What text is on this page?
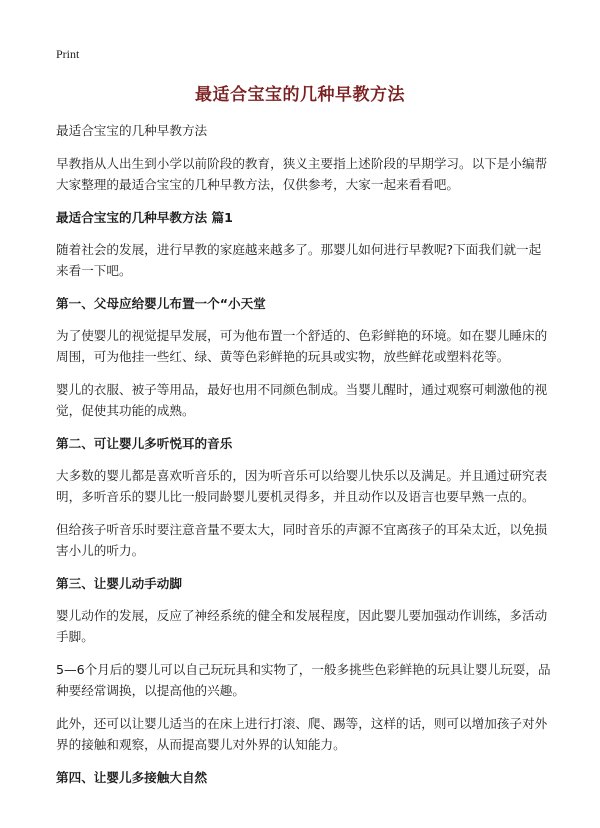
Print
最适合宝宝的几种早教方法

最适合宝宝的几种早教方法

早教指从人出生到小学以前阶段的教育，狭义主要指上述阶段的早期学习。以下是小编帮大家整理的最适合宝宝的几种早教方法，仅供参考，大家一起来看看吧。

最适合宝宝的几种早教方法 篇1

随着社会的发展，进行早教的家庭越来越多了。那婴儿如何进行早教呢?下面我们就一起来看一下吧。

第一、父母应给婴儿布置一个“小天堂

为了使婴儿的视觉提早发展，可为他布置一个舒适的、色彩鲜艳的环境。如在婴儿睡床的周围，可为他挂一些红、绿、黄等色彩鲜艳的玩具或实物，放些鲜花或塑料花等。

婴儿的衣服、被子等用品，最好也用不同颜色制成。当婴儿醒时，通过观察可刺激他的视觉，促使其功能的成熟。

第二、可让婴儿多听悦耳的音乐

大多数的婴儿都是喜欢听音乐的，因为听音乐可以给婴儿快乐以及满足。并且通过研究表明，多听音乐的婴儿比一般同龄婴儿要机灵得多，并且动作以及语言也要早熟一点的。

但给孩子听音乐时要注意音量不要太大，同时音乐的声源不宜离孩子的耳朵太近，以免损害小儿的听力。

第三、让婴儿动手动脚

婴儿动作的发展，反应了神经系统的健全和发展程度，因此婴儿要加强动作训练，多活动手脚。

5—6个月后的婴儿可以自己玩玩具和实物了，一般多挑些色彩鲜艳的玩具让婴儿玩耍，品种要经常调换，以提高他的兴趣。

此外，还可以让婴儿适当的在床上进行打滚、爬、踢等，这样的话，则可以增加孩子对外界的接触和观察，从而提高婴儿对外界的认知能力。

第四、让婴儿多接触大自然
